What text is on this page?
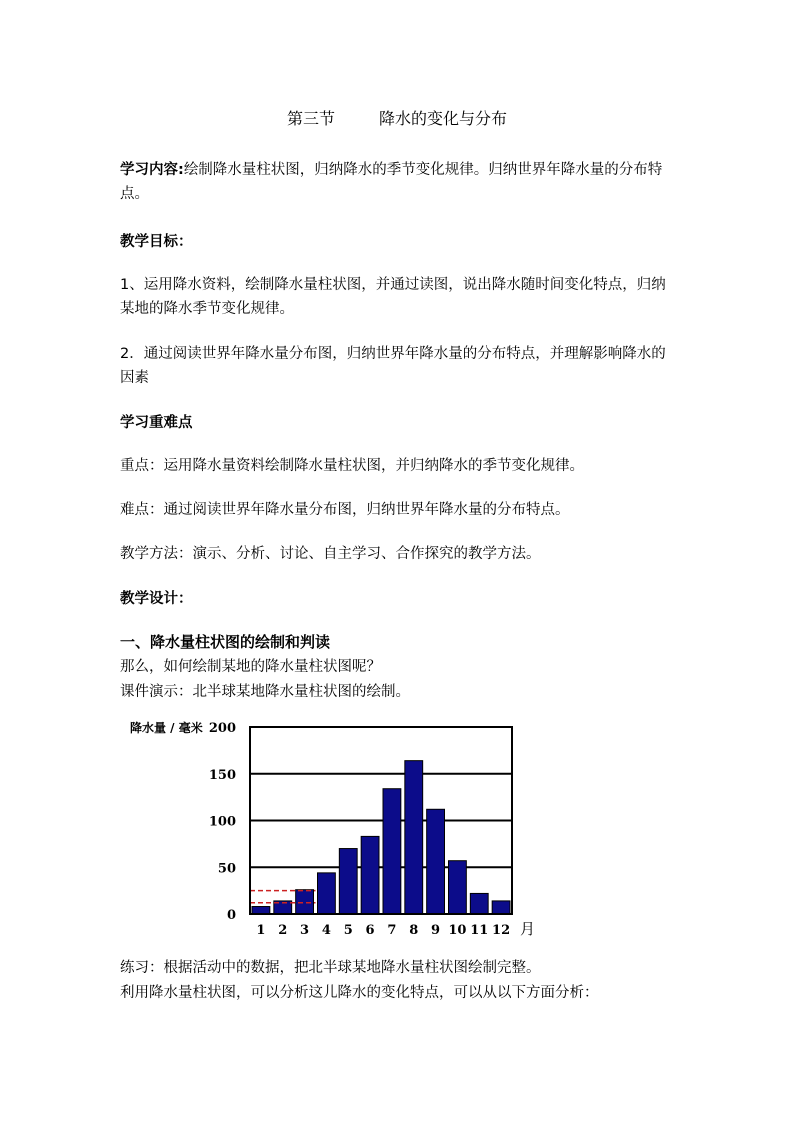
第三节	降水的变化与分布

学习内容:绘制降水量柱状图，归纳降水的季节变化规律。归纳世界年降水量的分布特点。

教学目标：

1、运用降水资料，绘制降水量柱状图，并通过读图，说出降水随时间变化特点，归纳某地的降水季节变化规律。

2．通过阅读世界年降水量分布图，归纳世界年降水量的分布特点，并理解影响降水的因素

学习重难点

重点：运用降水量资料绘制降水量柱状图，并归纳降水的季节变化规律。

难点：通过阅读世界年降水量分布图，归纳世界年降水量的分布特点。

教学方法：演示、分析、讨论、自主学习、合作探究的教学方法。

教学设计：

一、降水量柱状图的绘制和判读

那么，如何绘制某地的降水量柱状图呢？

课件演示：北半球某地降水量柱状图的绘制。

0
50
100
150
200
1 2 3 4 5 6 7 8 9 10 11 12
降水量 / 毫米
月

练习：根据活动中的数据，把北半球某地降水量柱状图绘制完整。

利用降水量柱状图，可以分析这儿降水的变化特点，可以从以下方面分析：
